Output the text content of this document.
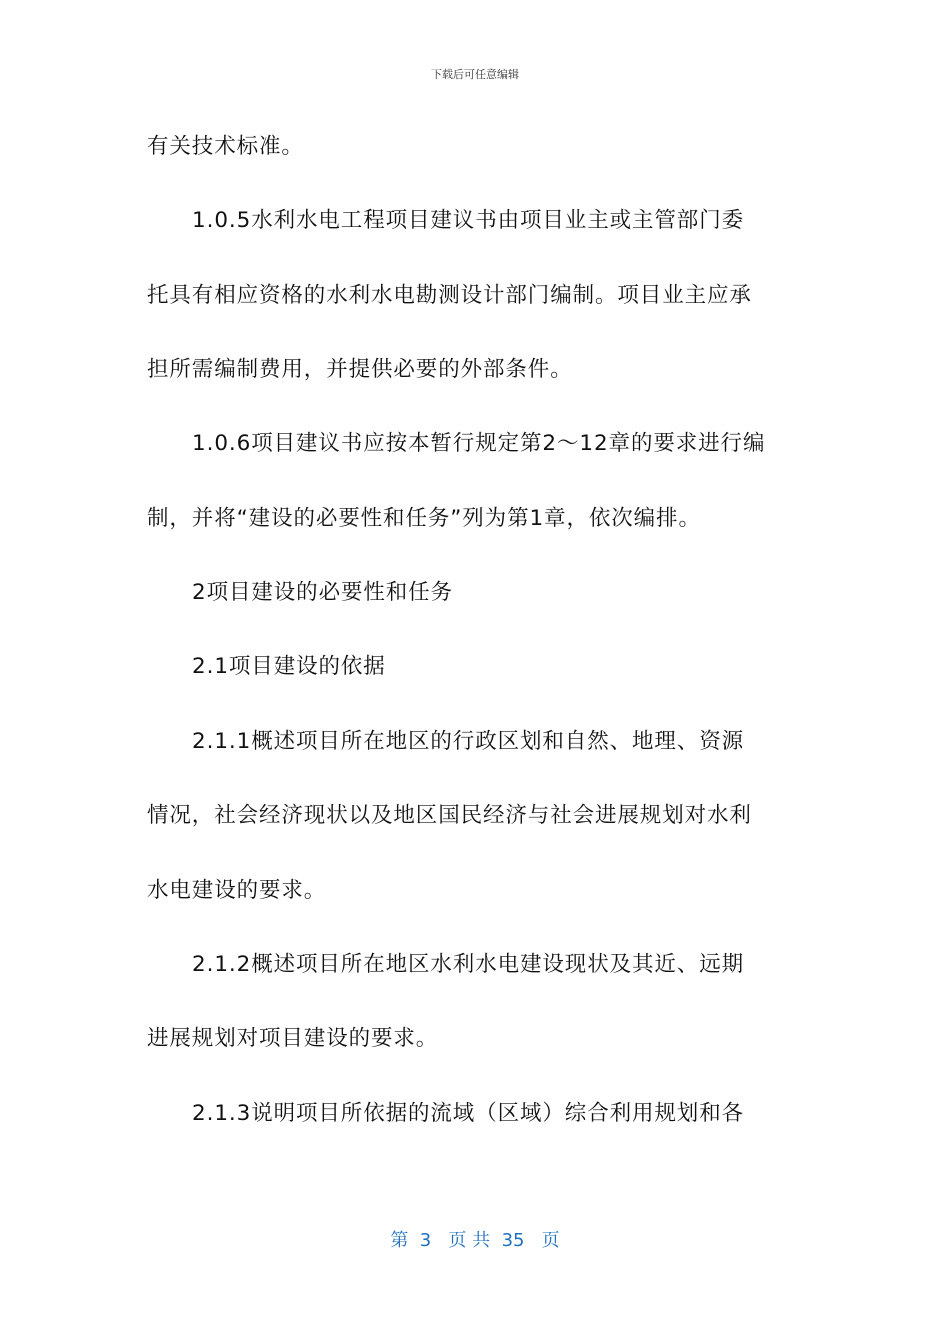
下载后可任意编辑
有关技术标准。
1.0.5水利水电工程项目建议书由项目业主或主管部门委
托具有相应资格的水利水电勘测设计部门编制。项目业主应承
担所需编制费用，并提供必要的外部条件。
1.0.6项目建议书应按本暂行规定第2～12章的要求进行编
制，并将“建设的必要性和任务”列为第1章，依次编排。
2项目建设的必要性和任务
2.1项目建设的依据
2.1.1概述项目所在地区的行政区划和自然、地理、资源
情况，社会经济现状以及地区国民经济与社会进展规划对水利
水电建设的要求。
2.1.2概述项目所在地区水利水电建设现状及其近、远期
进展规划对项目建设的要求。
2.1.3说明项目所依据的流域（区域）综合利用规划和各
第  3   页 共  35   页
